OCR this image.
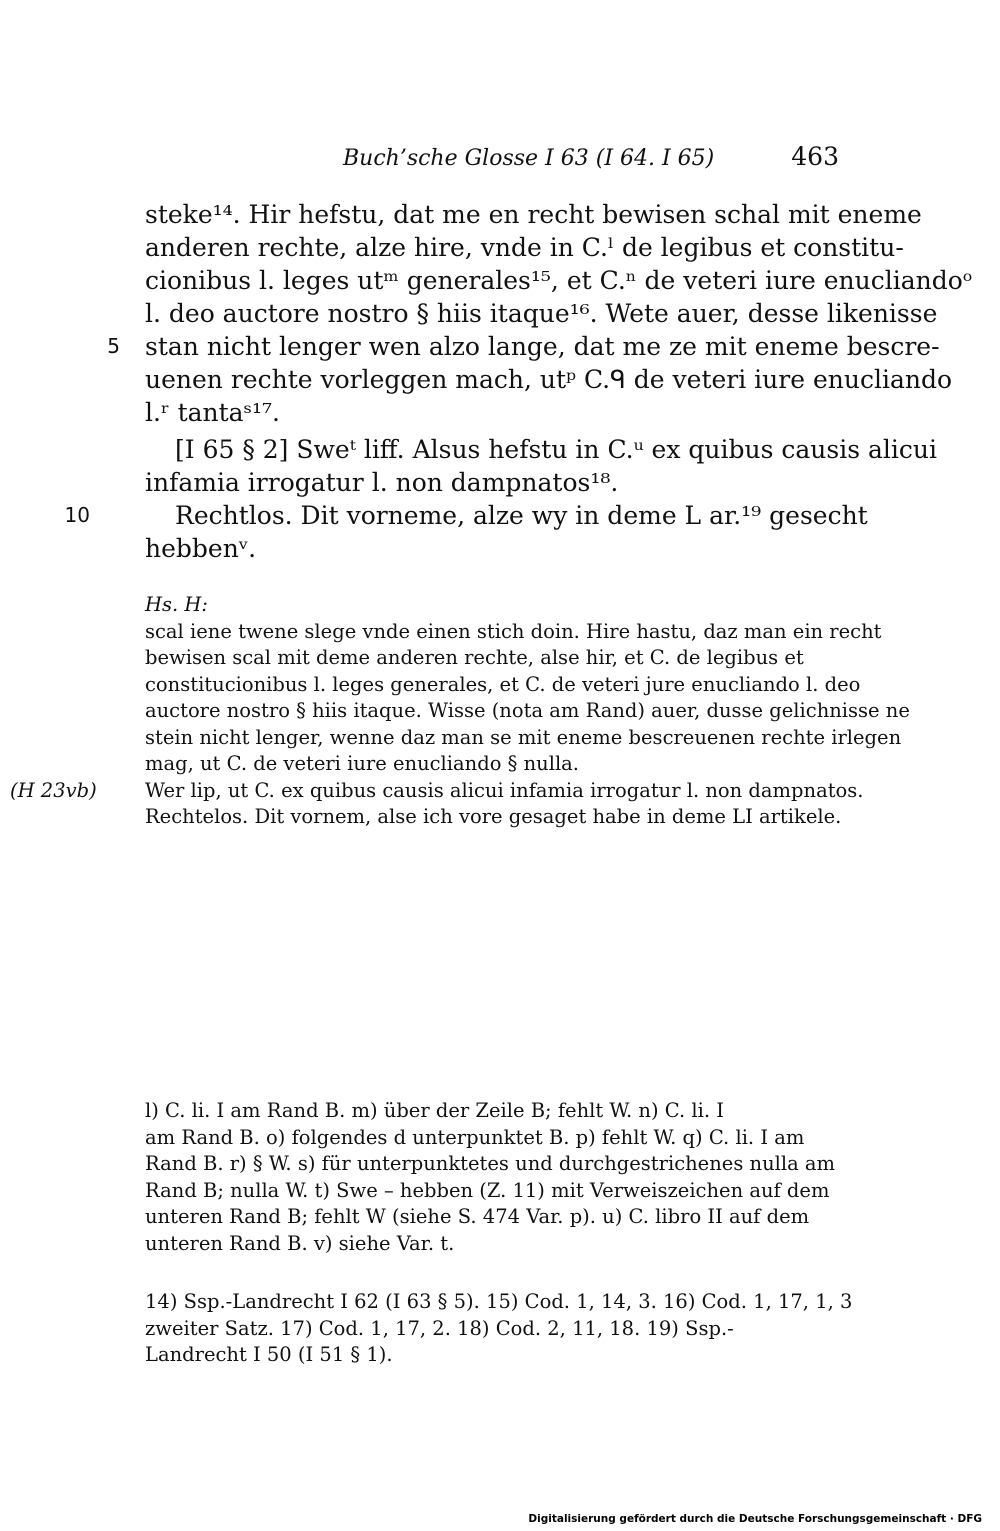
Buch’sche Glosse I 63 (I 64. I 65)	463
steke¹⁴. Hir hefstu, dat me en recht bewisen schal mit eneme
anderen rechte, alze hire, vnde in C.ˡ de legibus et constitu-
cionibus l. leges utᵐ generales¹⁵, et C.ⁿ de veteri iure enucliandoᵒ
l. deo auctore nostro § hiis itaque¹⁶. Wete auer, desse likenisse
5 stan nicht lenger wen alzo lange, dat me ze mit eneme bescre-
uenen rechte vorleggen mach, utᵖ C.ᑫ de veteri iure enucliando
l.ʳ tantaˢ¹⁷.
[I 65 § 2] Sweᵗ liff. Alsus hefstu in C.ᵘ ex quibus causis alicui
infamia irrogatur l. non dampnatos¹⁸.
10	Rechtlos. Dit vorneme, alze wy in deme L ar.¹⁹ gesecht
hebbenᵛ.
Hs. H:
scal iene twene slege vnde einen stich doin. Hire hastu, daz man ein recht
bewisen scal mit deme anderen rechte, alse hir, et C. de legibus et
constitucionibus l. leges generales, et C. de veteri jure enucliando l. deo
auctore nostro § hiis itaque. Wisse (nota am Rand) auer, dusse gelichnisse ne
stein nicht lenger, wenne daz man se mit eneme bescreuenen rechte irlegen
mag, ut C. de veteri iure enucliando § nulla.
(H 23vb) Wer lip, ut C. ex quibus causis alicui infamia irrogatur l. non dampnatos.
Rechtelos. Dit vornem, alse ich vore gesaget habe in deme LI artikele.
l) C. li. I am Rand B. m) über der Zeile B; fehlt W. n) C. li. I
am Rand B. o) folgendes d unterpunktet B. p) fehlt W. q) C. li. I am
Rand B. r) § W. s) für unterpunktetes und durchgestrichenes nulla am
Rand B; nulla W. t) Swe – hebben (Z. 11) mit Verweiszeichen auf dem
unteren Rand B; fehlt W (siehe S. 474 Var. p). u) C. libro II auf dem
unteren Rand B. v) siehe Var. t.
14) Ssp.-Landrecht I 62 (I 63 § 5). 15) Cod. 1, 14, 3. 16) Cod. 1, 17, 1, 3
zweiter Satz. 17) Cod. 1, 17, 2. 18) Cod. 2, 11, 18. 19) Ssp.-
Landrecht I 50 (I 51 § 1).
Digitalisierung gefördert durch die Deutsche Forschungsgemeinschaft · DFG
